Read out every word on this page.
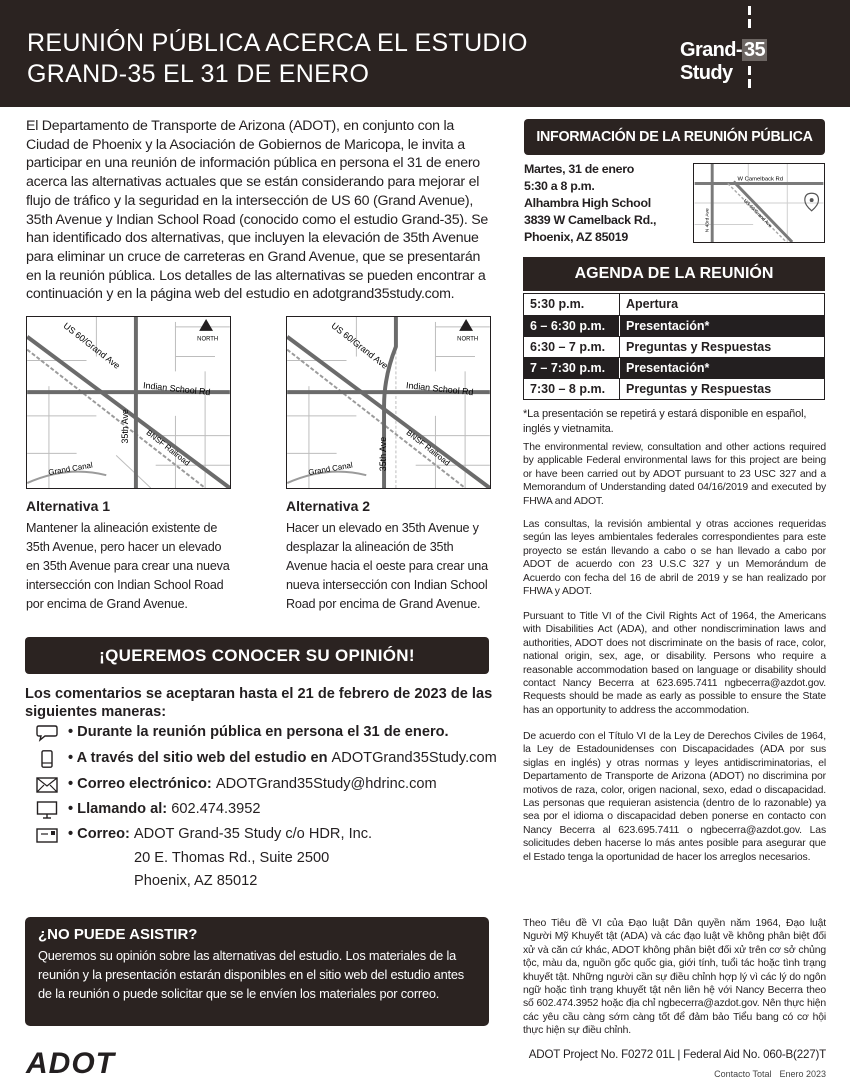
REUNIÓN PÚBLICA ACERCA EL ESTUDIO
GRAND-35 EL 31 DE ENERO
Grand- 35 Study
El Departamento de Transporte de Arizona (ADOT), en conjunto con la Ciudad de Phoenix y la Asociación de Gobiernos de Maricopa, le invita a participar en una reunión de información pública en persona el 31 de enero acerca las alternativas actuales que se están considerando para mejorar el flujo de tráfico y la seguridad en la intersección de US 60 (Grand Avenue), 35th Avenue y Indian School Road (conocido como el estudio Grand-35). Se han identificado dos alternativas, que incluyen la elevación de 35th Avenue para eliminar un cruce de carreteras en Grand Avenue, que se presentarán en la reunión pública. Los detalles de las alternativas se pueden encontrar a continuación y en la página web del estudio en adotgrand35study.com.
NORTH
US 60/Grand Ave
Indian School Rd
35th Ave
BNSF Railroad
Grand Canal
NORTH
US 60/Grand Ave
Indian School Rd
35th Ave BNSF Railroad
Grand Canal
Alternativa 1
Mantener la alineación existente de 35th Avenue, pero hacer un elevado en 35th Avenue para crear una nueva intersección con Indian School Road por encima de Grand Avenue.
Alternativa 2
Hacer un elevado en 35th Avenue y desplazar la alineación de 35th Avenue hacia el oeste para crear una nueva intersección con Indian School Road por encima de Grand Avenue.
¡QUEREMOS CONOCER SU OPINIÓN!
Los comentarios se aceptaran hasta el 21 de febrero de 2023 de las siguientes maneras:
• Durante la reunión pública en persona el 31 de enero.
• A través del sitio web del estudio en ADOTGrand35Study.com
• Correo electrónico: ADOTGrand35Study@hdrinc.com
• Llamando al: 602.474.3952
• Correo: ADOT Grand-35 Study c/o HDR, Inc.
20 E. Thomas Rd., Suite 2500
Phoenix, AZ 85012
¿NO PUEDE ASISTIR?
Queremos su opinión sobre las alternativas del estudio. Los materiales de la reunión y la presentación estarán disponibles en el sitio web del estudio antes de la reunión o puede solicitar que se le envíen los materiales por correo.
INFORMACIÓN DE LA REUNIÓN PÚBLICA
Martes, 31 de enero
5:30 a 8 p.m.
Alhambra High School
3839 W Camelback Rd.,
Phoenix, AZ 85019
W Camelback Rd
N 43rd Ave	US 60/Grand Ave
AGENDA DE LA REUNIÓN
5:30 p.m.	Apertura
6 – 6:30 p.m.	Presentación*
6:30 – 7 p.m.	Preguntas y Respuestas
7 – 7:30 p.m.	Presentación*
7:30 – 8 p.m.	Preguntas y Respuestas
*La presentación se repetirá y estará disponible en español, inglés y vietnamita.
The environmental review, consultation and other actions required by applicable Federal environmental laws for this project are being or have been carried out by ADOT pursuant to 23 USC 327 and a Memorandum of Understanding dated 04/16/2019 and executed by FHWA and ADOT.
Las consultas, la revisión ambiental y otras acciones requeridas según las leyes ambientales federales correspondientes para este proyecto se están llevando a cabo o se han llevado a cabo por ADOT de acuerdo con 23 U.S.C 327 y un Memorándum de Acuerdo con fecha del 16 de abril de 2019 y se han realizado por FHWA y ADOT.
Pursuant to Title VI of the Civil Rights Act of 1964, the Americans with Disabilities Act (ADA), and other nondiscrimination laws and authorities, ADOT does not discriminate on the basis of race, color, national origin, sex, age, or disability. Persons who require a reasonable accommodation based on language or disability should contact Nancy Becerra at 623.695.7411 ngbecerra@azdot.gov. Requests should be made as early as possible to ensure the State has an opportunity to address the accommodation.
De acuerdo con el Título VI de la Ley de Derechos Civiles de 1964, la Ley de Estadounidenses con Discapacidades (ADA por sus siglas en inglés) y otras normas y leyes antidiscriminatorias, el Departamento de Transporte de Arizona (ADOT) no discrimina por motivos de raza, color, origen nacional, sexo, edad o discapacidad. Las personas que requieran asistencia (dentro de lo razonable) ya sea por el idioma o discapacidad deben ponerse en contacto con Nancy Becerra al 623.695.7411 o ngbecerra@azdot.gov. Las solicitudes deben hacerse lo más antes posible para asegurar que el Estado tenga la oportunidad de hacer los arreglos necesarios.
Theo Tiêu đề VI của Đạo luật Dân quyền năm 1964, Đạo luật Người Mỹ Khuyết tật (ADA) và các đạo luật về không phân biệt đối xử và căn cứ khác, ADOT không phân biệt đối xử trên cơ sở chủng tộc, màu da, nguồn gốc quốc gia, giới tính, tuổi tác hoặc tình trạng khuyết tật. Những người cần sự điều chỉnh hợp lý vì các lý do ngôn ngữ hoặc tình trạng khuyết tật nên liên hệ với Nancy Becerra theo số 602.474.3952 hoặc địa chỉ ngbecerra@azdot.gov. Nên thực hiện các yêu cầu càng sớm càng tốt để đảm bảo Tiểu bang có cơ hội thực hiện sự điều chỉnh.
ADOT	ADOT Project No. F0272 01L | Federal Aid No. 060-B(227)T
Contacto Total Enero 2023
